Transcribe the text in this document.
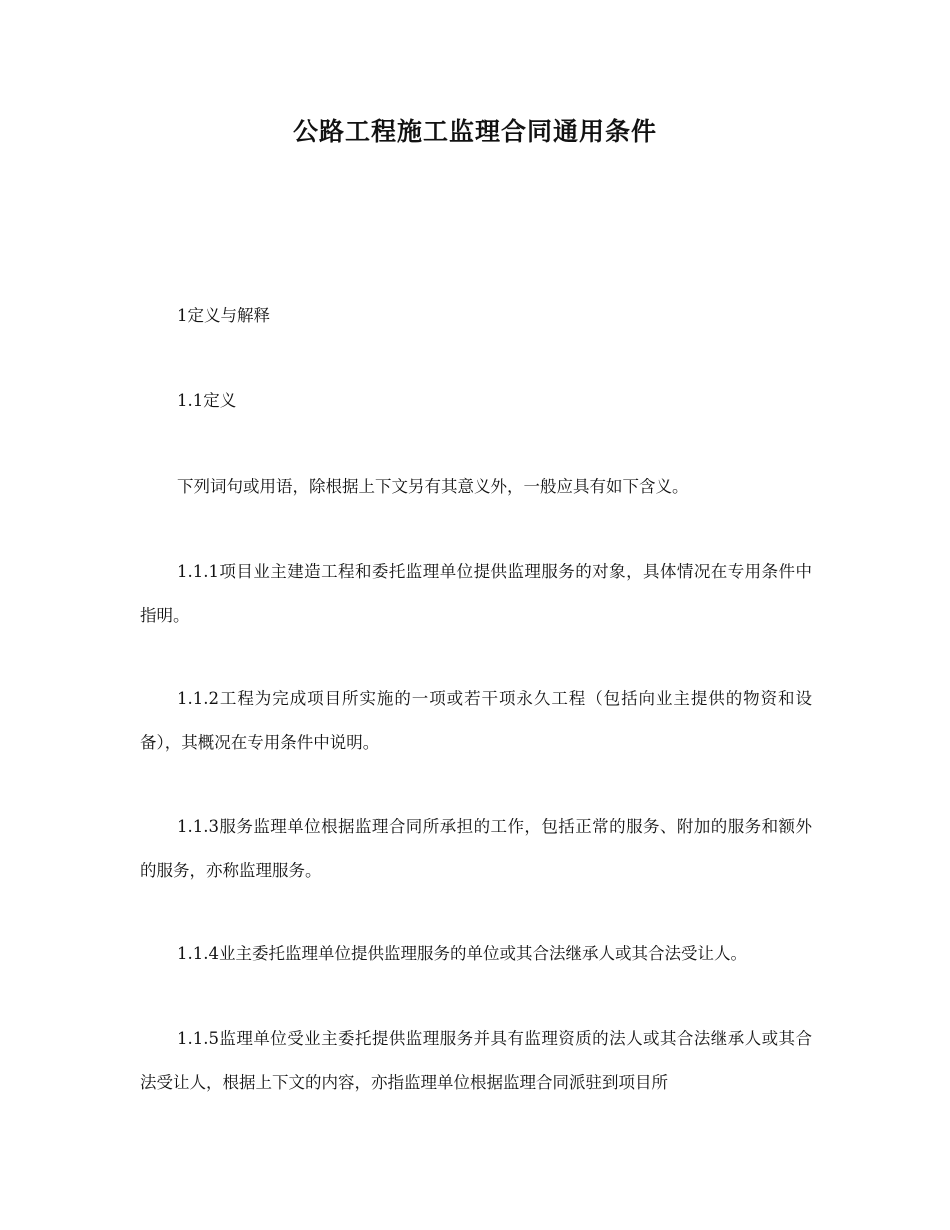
公路工程施工监理合同通用条件

1定义与解释

1.1定义

下列词句或用语，除根据上下文另有其意义外，一般应具有如下含义。

1.1.1项目业主建造工程和委托监理单位提供监理服务的对象，具体情况在专用条件中指明。

1.1.2工程为完成项目所实施的一项或若干项永久工程（包括向业主提供的物资和设备），其概况在专用条件中说明。

1.1.3服务监理单位根据监理合同所承担的工作，包括正常的服务、附加的服务和额外的服务，亦称监理服务。

1.1.4业主委托监理单位提供监理服务的单位或其合法继承人或其合法受让人。

1.1.5监理单位受业主委托提供监理服务并具有监理资质的法人或其合法继承人或其合法受让人，根据上下文的内容，亦指监理单位根据监理合同派驻到项目所
